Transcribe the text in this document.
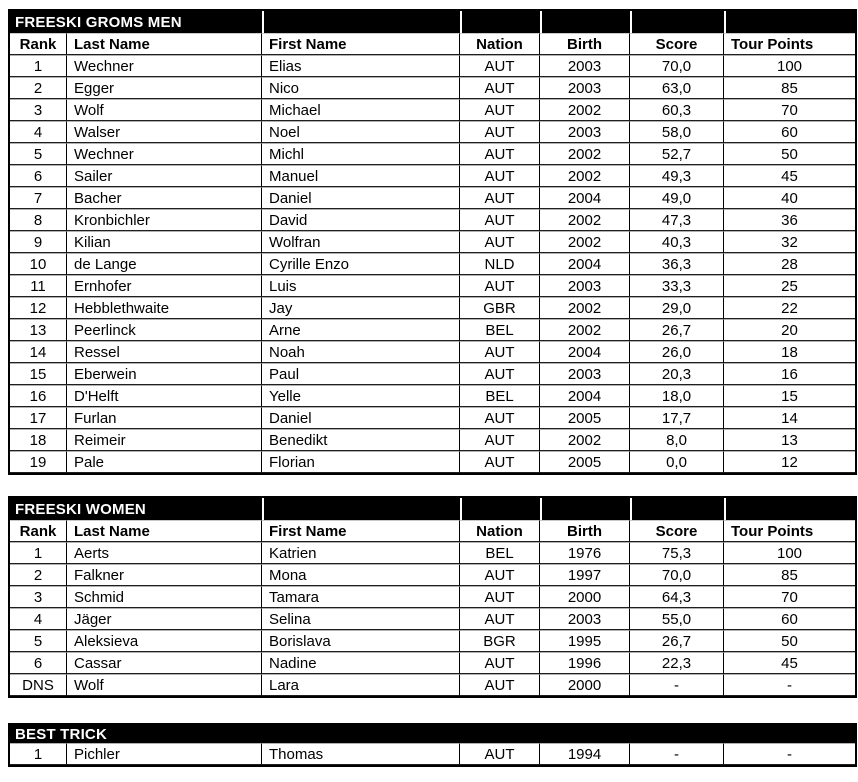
FREESKI GROMS MEN						
Rank	Last Name	First Name	Nation	Birth	Score	Tour Points
1	Wechner	Elias	AUT	2003	70,0	100
2	Egger	Nico	AUT	2003	63,0	85
3	Wolf	Michael	AUT	2002	60,3	70
4	Walser	Noel	AUT	2003	58,0	60
5	Wechner	Michl	AUT	2002	52,7	50
6	Sailer	Manuel	AUT	2002	49,3	45
7	Bacher	Daniel	AUT	2004	49,0	40
8	Kronbichler	David	AUT	2002	47,3	36
9	Kilian	Wolfran	AUT	2002	40,3	32
10	de Lange	Cyrille Enzo	NLD	2004	36,3	28
11	Ernhofer	Luis	AUT	2003	33,3	25
12	Hebblethwaite	Jay	GBR	2002	29,0	22
13	Peerlinck	Arne	BEL	2002	26,7	20
14	Ressel	Noah	AUT	2004	26,0	18
15	Eberwein	Paul	AUT	2003	20,3	16
16	D'Helft	Yelle	BEL	2004	18,0	15
17	Furlan	Daniel	AUT	2005	17,7	14
18	Reimeir	Benedikt	AUT	2002	8,0	13
19	Pale	Florian	AUT	2005	0,0	12
FREESKI WOMEN						
Rank	Last Name	First Name	Nation	Birth	Score	Tour Points
1	Aerts	Katrien	BEL	1976	75,3	100
2	Falkner	Mona	AUT	1997	70,0	85
3	Schmid	Tamara	AUT	2000	64,3	70
4	Jäger	Selina	AUT	2003	55,0	60
5	Aleksieva	Borislava	BGR	1995	26,7	50
6	Cassar	Nadine	AUT	1996	22,3	45
DNS	Wolf	Lara	AUT	2000	-	-
BEST TRICK
1	Pichler	Thomas	AUT	1994	-	-
